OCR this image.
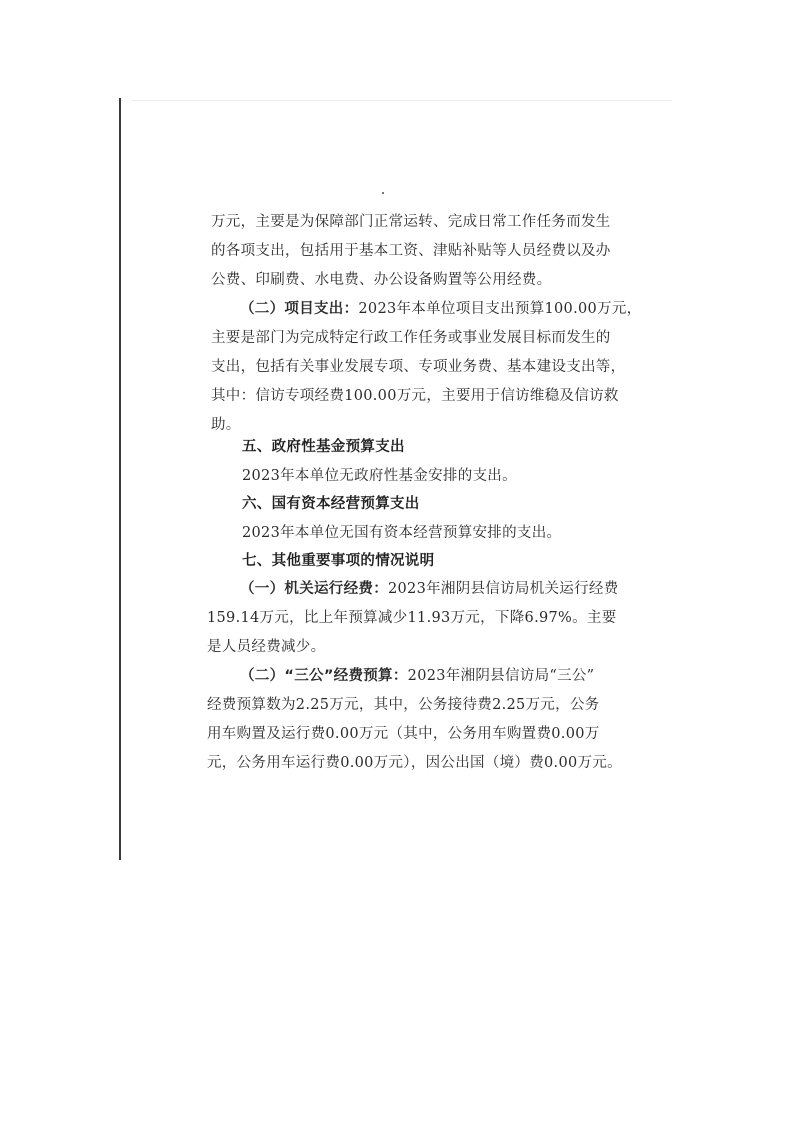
万元，主要是为保障部门正常运转、完成日常工作任务而发生
的各项支出，包括用于基本工资、津贴补贴等人员经费以及办
公费、印刷费、水电费、办公设备购置等公用经费。
（二）项目支出：2023年本单位项目支出预算100.00万元，
主要是部门为完成特定行政工作任务或事业发展目标而发生的
支出，包括有关事业发展专项、专项业务费、基本建设支出等，
其中：信访专项经费100.00万元，主要用于信访维稳及信访救
助。
五、政府性基金预算支出
2023年本单位无政府性基金安排的支出。
六、国有资本经营预算支出
2023年本单位无国有资本经营预算安排的支出。
七、其他重要事项的情况说明
（一）机关运行经费：2023年湘阴县信访局机关运行经费
159.14万元，比上年预算减少11.93万元，下降6.97%。主要
是人员经费减少。
（二）“三公”经费预算：2023年湘阴县信访局“三公”
经费预算数为2.25万元，其中，公务接待费2.25万元，公务
用车购置及运行费0.00万元（其中，公务用车购置费0.00万
元，公务用车运行费0.00万元），因公出国（境）费0.00万元。
